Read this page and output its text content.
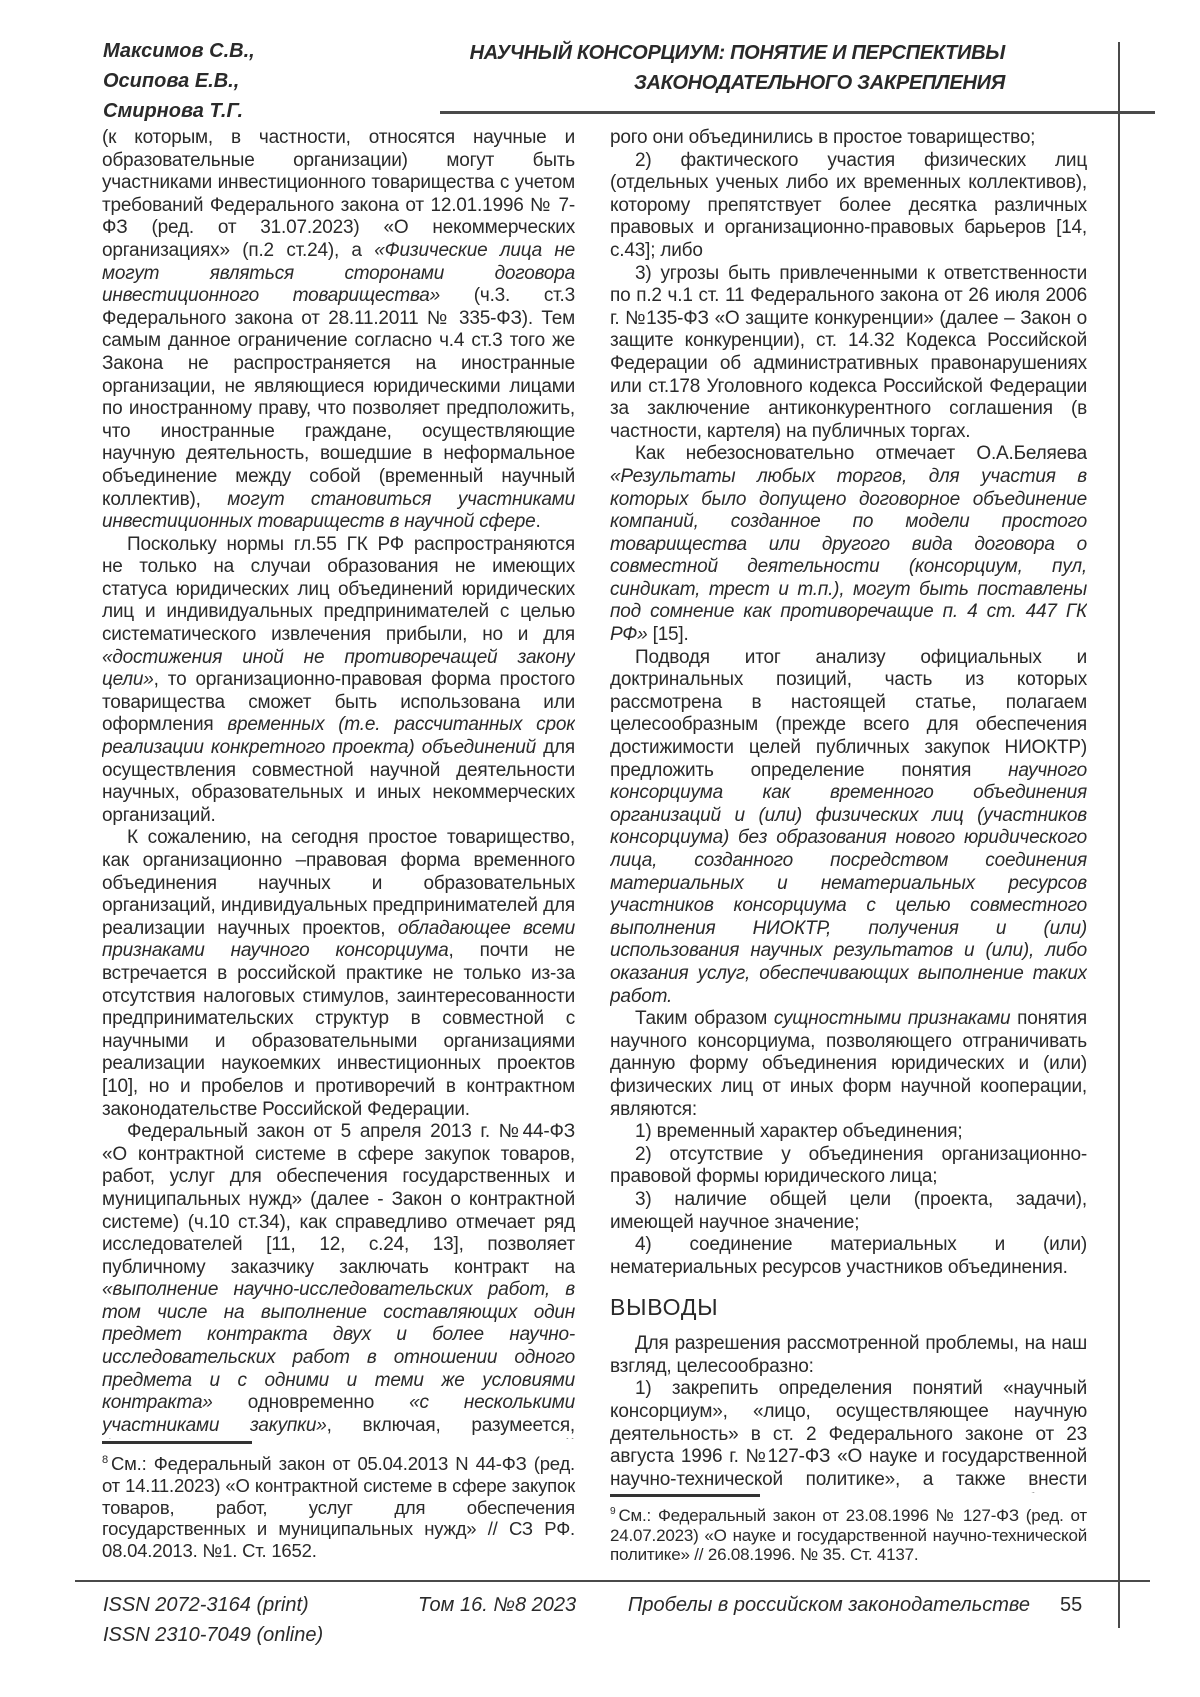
Максимов С.В.,
Осипова Е.В.,
Смирнова Т.Г.
НАУЧНЫЙ КОНСОРЦИУМ: ПОНЯТИЕ И ПЕРСПЕКТИВЫ
ЗАКОНОДАТЕЛЬНОГО ЗАКРЕПЛЕНИЯ

(к которым, в частности, относятся научные и образовательные организации) могут быть участниками инвестиционного товарищества с учетом требований Федерального закона от 12.01.1996 № 7-ФЗ (ред. от 31.07.2023) «О некоммерческих организациях» (п.2 ст.24), а «Физические лица не могут являться сторонами договора инвестиционного товарищества» (ч.3. ст.3 Федерального закона от 28.11.2011 № 335-ФЗ). Тем самым данное ограничение согласно ч.4 ст.3 того же Закона не распространяется на иностранные организации, не являющиеся юридическими лицами по иностранному праву, что позволяет предположить, что иностранные граждане, осуществляющие научную деятельность, вошедшие в неформальное объединение между собой (временный научный коллектив), могут становиться участниками инвестиционных товариществ в научной сфере.

Поскольку нормы гл.55 ГК РФ распространяются не только на случаи образования не имеющих статуса юридических лиц объединений юридических лиц и индивидуальных предпринимателей с целью систематического извлечения прибыли, но и для «достижения иной не противоречащей закону цели», то организационно-правовая форма простого товарищества сможет быть использована или оформления временных (т.е. рассчитанных срок реализации конкретного проекта) объединений для осуществления совместной научной деятельности научных, образовательных и иных некоммерческих организаций.

К сожалению, на сегодня простое товарищество, как организационно –правовая форма временного объединения научных и образовательных организаций, индивидуальных предпринимателей для реализации научных проектов, обладающее всеми признаками научного консорциума, почти не встречается в российской практике не только из-за отсутствия налоговых стимулов, заинтересованности предпринимательских структур в совместной с научными и образовательными организациями реализации наукоемких инвестиционных проектов [10], но и пробелов и противоречий в контрактном законодательстве Российской Федерации.

Федеральный закон от 5 апреля 2013 г. №44-ФЗ «О контрактной системе в сфере закупок товаров, работ, услуг для обеспечения государственных и муниципальных нужд» (далее - Закон о контрактной системе) (ч.10 ст.34), как справедливо отмечает ряд исследователей [11, 12, с.24, 13], позволяет публичному заказчику заключать контракт на «выполнение научно-исследовательских работ, в том числе на выполнение составляющих один предмет контракта двух и более научно-исследовательских работ в отношении одного предмета и с одними и теми же условиями контракта» одновременно «с несколькими участниками закупки», включая, разумеется,

рого они объединились в простое товарищество;

2) фактического участия физических лиц (отдельных ученых либо их временных коллективов), которому препятствует более десятка различных правовых и организационно-правовых барьеров [14, с.43]; либо

3) угрозы быть привлеченными к ответственности по п.2 ч.1 ст. 11 Федерального закона от 26 июля 2006 г. №135-ФЗ «О защите конкуренции» (далее – Закон о защите конкуренции), ст. 14.32 Кодекса Российской Федерации об административных правонарушениях или ст.178 Уголовного кодекса Российской Федерации за заключение антиконкурентного соглашения (в частности, картеля) на публичных торгах.

Как небезосновательно отмечает О.А.Беляева «Результаты любых торгов, для участия в которых было допущено договорное объединение компаний, созданное по модели простого товарищества или другого вида договора о совместной деятельности (консорциум, пул, синдикат, трест и т.п.), могут быть поставлены под сомнение как противоречащие п. 4 ст. 447 ГК РФ» [15].

Подводя итог анализу официальных и доктринальных позиций, часть из которых рассмотрена в настоящей статье, полагаем целесообразным (прежде всего для обеспечения достижимости целей публичных закупок НИОКТР) предложить определение понятия научного консорциума как временного объединения организаций и (или) физических лиц (участников консорциума) без образования нового юридического лица, созданного посредством соединения материальных и нематериальных ресурсов участников консорциума с целью совместного выполнения НИОКТР, получения и (или) использования научных результатов и (или), либо оказания услуг, обеспечивающих выполнение таких работ.

Таким образом сущностными признаками понятия научного консорциума, позволяющего отграничивать данную форму объединения юридических и (или) физических лиц от иных форм научной кооперации, являются:

1) временный характер объединения;

2) отсутствие у объединения организационно-правовой формы юридического лица;

3) наличие общей цели (проекта, задачи), имеющей научное значение;

4) соединение материальных и (или) нематериальных ресурсов участников объединения.

ВЫВОДЫ

Для разрешения рассмотренной проблемы, на наш взгляд, целесообразно:

1) закрепить определения понятий «научный консорциум», «лицо, осуществляющее научную деятельность» в ст. 2 Федерального законе от 23 августа 1996 г. №127-ФЗ «О науке и государственной научно-технической политике», а также внести

$^8$ См.: Федеральный закон от 05.04.2013 N 44-ФЗ (ред. от 14.11.2023) «О контрактной системе в сфере закупок товаров, работ, услуг для обеспечения государственных и муниципальных нужд» // СЗ РФ. 08.04.2013. №1. Ст. 1652.
$^9$ См.: Федеральный закон от 23.08.1996 № 127-ФЗ (ред. от 24.07.2023) «О науке и государственной научно-технической политике» // 26.08.1996. № 35. Ст. 4137.
ISSN 2072-3164 (print)
ISSN 2310-7049 (online)
Том 16. №8 2023	Пробелы в российском законодательстве 55
